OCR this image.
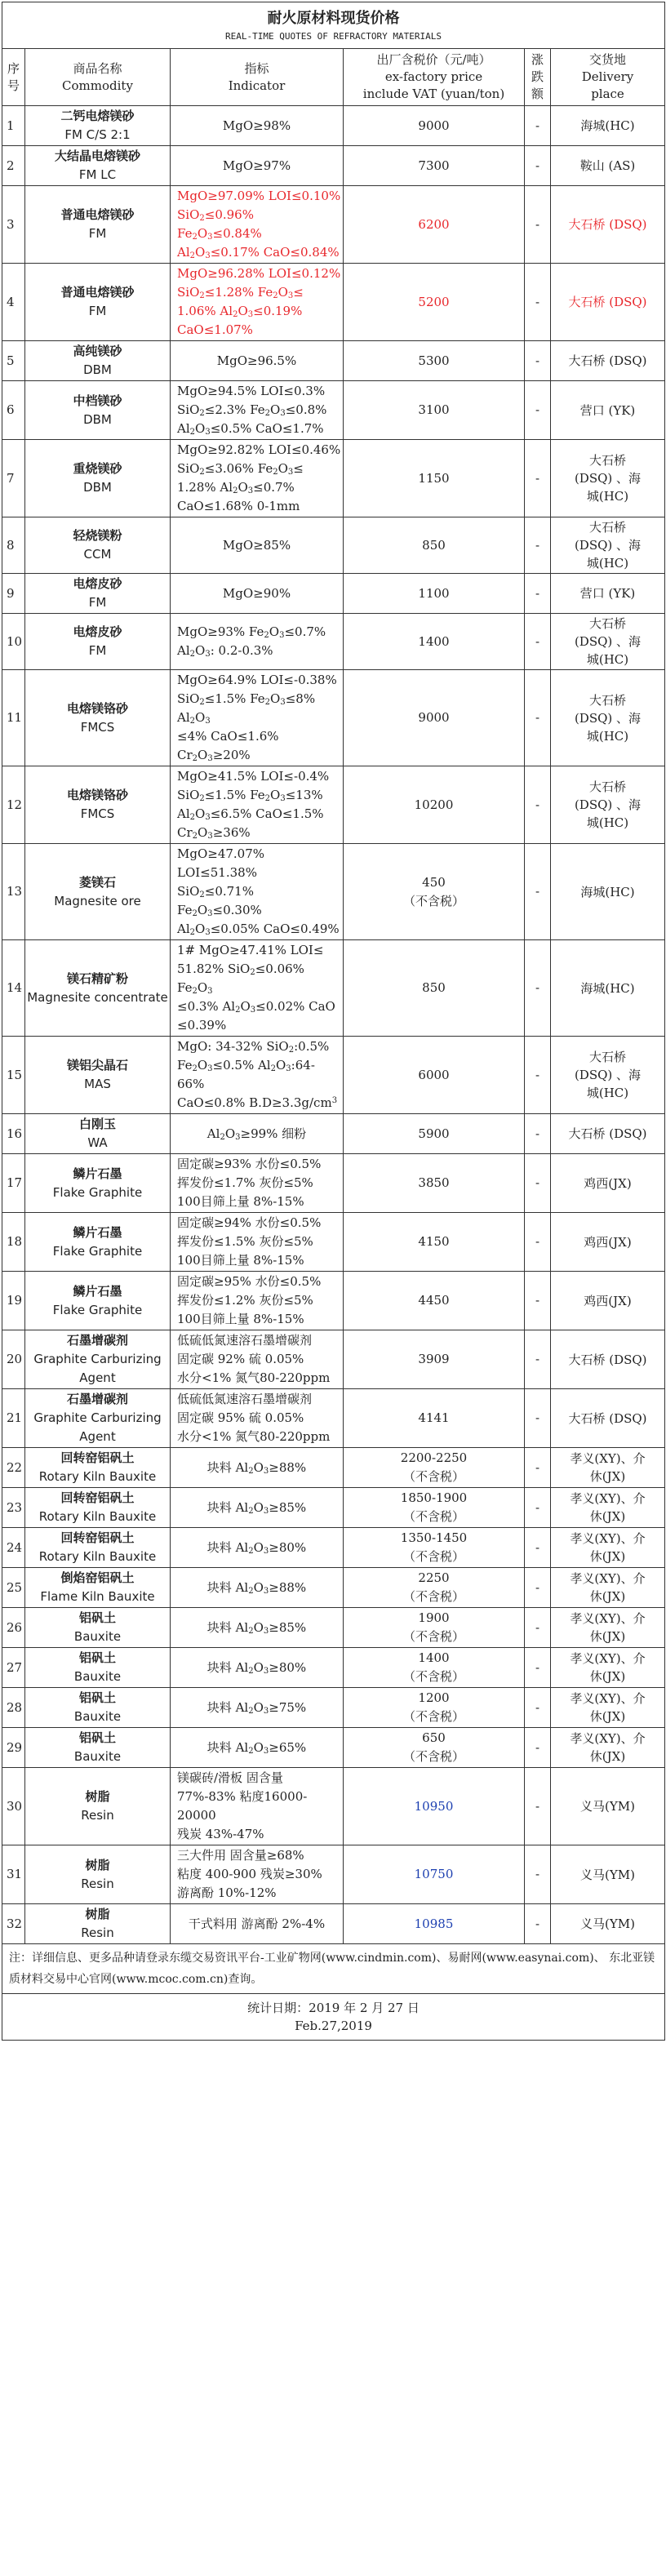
耐火原材料现货价格
REAL-TIME QUOTES OF REFRACTORY MATERIALS					

序
号	商品名称
Commodity	指标
Indicator	出厂含税价（元/吨）
ex-factory price
include VAT (yuan/ton)	涨
跌
额	交货地
Delivery
place

1	二钙电熔镁砂
FM C/S 2:1	MgO≥98%	9000	-	海城(HC)

2	大结晶电熔镁砂
FM LC	MgO≥97%	7300	-	鞍山 (AS)

3	普通电熔镁砂
FM	MgO≥97.09% LOI≤0.10%
SiO$_2$≤0.96% $Fe_2O_3\le 0.84\%$
$Al_2O_3\le 0.17\%$ CaO≤0.84%	6200	-	大石桥 (DSQ)

4	普通电熔镁砂
FM	MgO≥96.28% LOI≤0.12%
SiO$_2$≤1.28% $Fe_2O_3\le$
1.06% $Al_2O_3\le 0.19\%$
CaO≤1.07%	5200	-	大石桥 (DSQ)

5	高纯镁砂
DBM	MgO≥96.5%	5300	-	大石桥 (DSQ)

6	中档镁砂
DBM	MgO≥94.5% LOI≤0.3%
SiO$_2$≤2.3% $Fe_2O_3\le 0.8\%$
$Al_2O_3\le 0.5\%$ CaO≤1.7%	3100	-	营口 (YK)

7	重烧镁砂
DBM	MgO≥92.82% LOI≤0.46%
SiO$_2$≤3.06% $Fe_2O_3\le$
1.28% $Al_2O_3\le 0.7\%$
CaO≤1.68% 0-1mm	1150	-	大石桥
(DSQ) 、海
城(HC)

8	轻烧镁粉
CCM	MgO≥85%	850	-	大石桥
(DSQ) 、海
城(HC)

9	电熔皮砂
FM	MgO≥90%	1100	-	营口 (YK)

10	电熔皮砂
FM	MgO≥93% $Fe_2O_3\le 0.7\%$
$Al_2O_3$: 0.2-0.3%	1400	-	大石桥
(DSQ) 、海
城(HC)

11	电熔镁铬砂
FMCS	MgO≥64.9% LOI≤-0.38%
SiO$_2$≤1.5% $Fe_2O_3\le 8\%$ $Al_2O_3$
≤4% CaO≤1.6% $Cr_2O_3\ge 20\%$	9000	-	大石桥
(DSQ) 、海
城(HC)

12	电熔镁铬砂
FMCS	MgO≥41.5% LOI≤-0.4%
SiO$_2$≤1.5% $Fe_2O_3\le 13\%$
$Al_2O_3\le 6.5\%$ CaO≤1.5%
$Cr_2O_3\ge 36\%$	10200	-	大石桥
(DSQ) 、海
城(HC)

13	菱镁石
Magnesite ore	MgO≥47.07% LOI≤51.38%
SiO$_2$≤0.71% $Fe_2O_3\le 0.30\%$
$Al_2O_3\le 0.05\%$ CaO≤0.49%	450
（不含税）	-	海城(HC)

14	镁石精矿粉
Magnesite concentrate	1# MgO≥47.41% LOI≤
51.82% SiO$_2$≤0.06% $Fe_2O_3$
≤0.3% $Al_2O_3\le 0.02\%$ CaO
≤0.39%	850	-	海城(HC)

15	镁铝尖晶石
MAS	MgO: 34-32% SiO$_2$:0.5%
$Fe_2O_3\le 0.5\%$ $Al_2O_3:64-66\%$
CaO≤0.8% $B.D\ge 3.3g/cm^3$	6000	-	大石桥
(DSQ) 、海
城(HC)

16	白刚玉
WA	$Al_2O_3\ge 99\%$ 细粉	5900	-	大石桥 (DSQ)

17	鳞片石墨
Flake Graphite	固定碳≥93% 水份≤0.5%
挥发份≤1.7% 灰份≤5%
100目筛上量 8%-15%	3850	-	鸡西(JX)

18	鳞片石墨
Flake Graphite	固定碳≥94% 水份≤0.5%
挥发份≤1.5% 灰份≤5%
100目筛上量 8%-15%	4150	-	鸡西(JX)

19	鳞片石墨
Flake Graphite	固定碳≥95% 水份≤0.5%
挥发份≤1.2% 灰份≤5%
100目筛上量 8%-15%	4450	-	鸡西(JX)

20	石墨增碳剂
Graphite Carburizing Agent	低硫低氮速溶石墨增碳剂
固定碳 92% 硫 0.05%
水分<1% 氮气80-220ppm	3909	-	大石桥 (DSQ)

21	石墨增碳剂
Graphite Carburizing Agent	低硫低氮速溶石墨增碳剂
固定碳 95% 硫 0.05%
水分<1% 氮气80-220ppm	4141	-	大石桥 (DSQ)

22	回转窑铝矾土
Rotary Kiln Bauxite	块料 $Al_2O_3\ge 88\%$	2200-2250
（不含税）	-	孝义(XY)、介
休(JX)

23	回转窑铝矾土
Rotary Kiln Bauxite	块料 $Al_2O_3\ge 85\%$	1850-1900
（不含税）	-	孝义(XY)、介
休(JX)

24	回转窑铝矾土
Rotary Kiln Bauxite	块料 $Al_2O_3\ge 80\%$	1350-1450
（不含税）	-	孝义(XY)、介
休(JX)

25	倒焰窑铝矾土
Flame Kiln Bauxite	块料 $Al_2O_3\ge 88\%$	2250
（不含税）	-	孝义(XY)、介
休(JX)

26	铝矾土
Bauxite	块料 $Al_2O_3\ge 85\%$	1900
（不含税）	-	孝义(XY)、介
休(JX)

27	铝矾土
Bauxite	块料 $Al_2O_3\ge 80\%$	1400
（不含税）	-	孝义(XY)、介
休(JX)

28	铝矾土
Bauxite	块料 $Al_2O_3\ge 75\%$	1200
（不含税）	-	孝义(XY)、介
休(JX)

29	铝矾土
Bauxite	块料 $Al_2O_3\ge 65\%$	650
（不含税）	-	孝义(XY)、介
休(JX)

30	树脂
Resin	镁碳砖/滑板 固含量
77%-83% 粘度16000-20000
残炭 43%-47%	10950	-	义马(YM)

31	树脂
Resin	三大件用 固含量≥68%
粘度 400-900 残炭≥30%
游离酚 10%-12%	10750	-	义马(YM)

32	树脂
Resin	干式料用 游离酚 2%-4%	10985	-	义马(YM)

注：详细信息、更多品种请登录东缆交易资讯平台-工业矿物网(www.cindmin.com)、易耐网(www.easynai.com)、 东北亚镁质材料交易中心官网(www.mcoc.com.cn)查询。					

统计日期：2019 年 2 月 27 日
Feb.27,2019					
